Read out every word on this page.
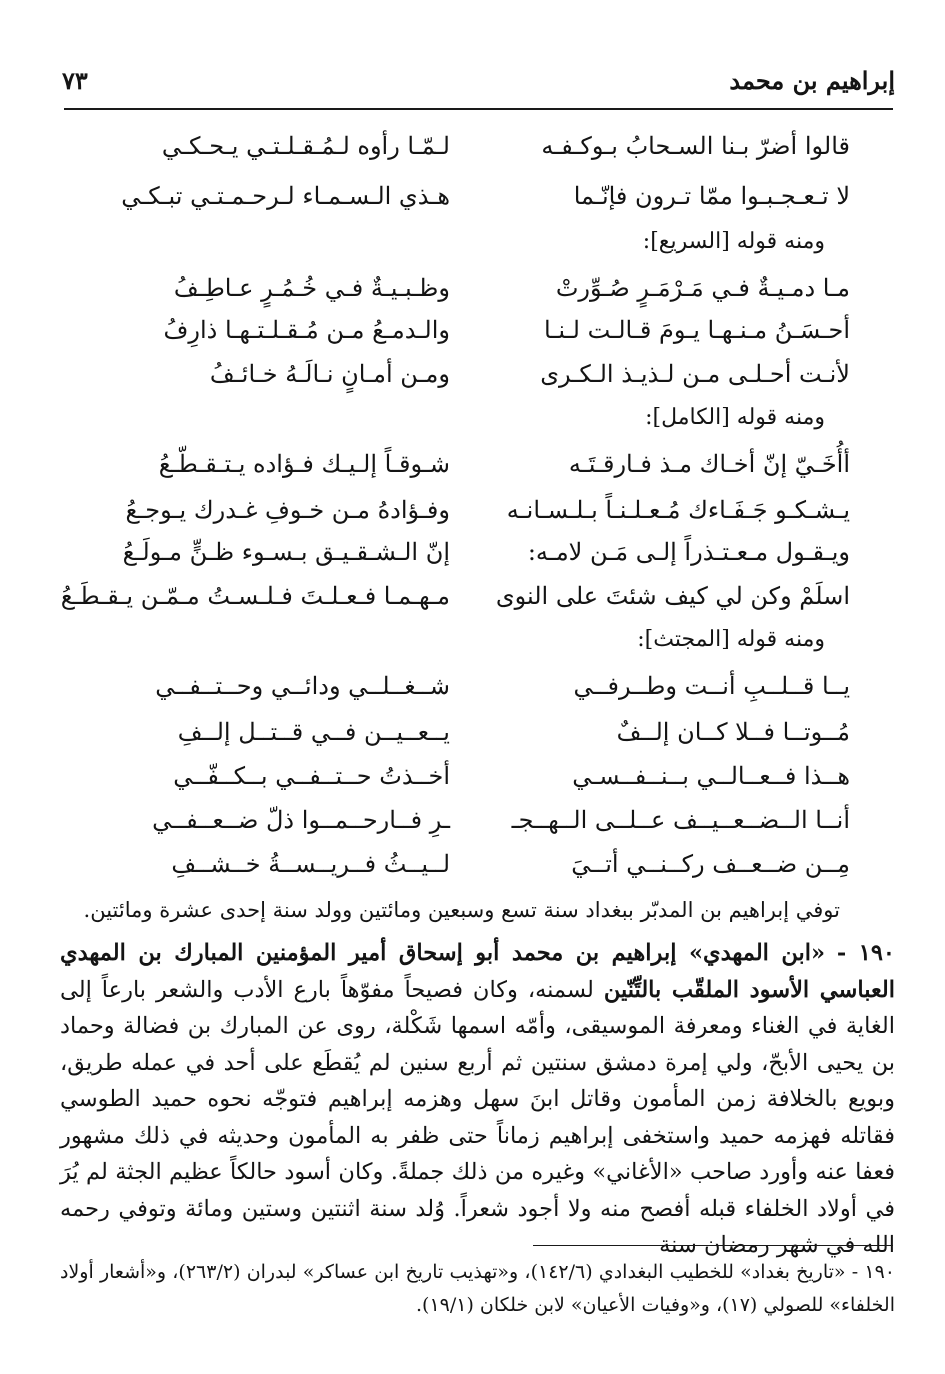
إبراهيم بن محمد
٧٣
قالوا أضرّ بـنا السـحابُ بـوكـفـه
لـمّـا رأوه لـمُـقـلـتـي يـحـكـي
لا تـعـجـبـوا ممّا تـرون فإنّـما
هـذي الـسـمـاء لـرحـمـتـي تبـكـي
ومنه قوله [السريع]:
مـا دمـيـةٌ فـي مَـرْمَـرٍ صُـوِّرتْ
وظـبـيـةٌ فـي خُـمُـرٍ عـاطِـفُ
أحـسَـنُ مـنـهـا يـومَ قـالـت لـنـا
والـدمـعُ مـن مُـقـلـتـهـا ذارِفُ
لأنـت أحـلـى مـن لـذيـذ الـكـرى
ومـن أمـانٍ نـالَـهُ خـائـفُ
ومنه قوله [الكامل]:
أأُخَـيّ إنّ أخـاك مـذ فـارقـتَـه
شـوقـاً إلـيـك فـؤاده يـتـقـطّـعُ
يـشـكـو جَـفَـاءك مُـعـلـنـاً بـلـسـانـه
وفـؤادهُ مـن خـوفِ غـدرك يـوجـعُ
ويـقـول مـعـتـذراً إلـى مَـن لامـه:
إنّ الـشـقـيـق بـسـوء ظـنٍّ مـولَـعُ
اسلَمْ وكن لي كيف شئتَ على النوى
مـهـمـا فـعـلـتَ فـلـسـتُ مـمّـن يـقـطَـعُ
ومنه قوله [المجتث]:
يــا قــلــبِ أنــت وطــرفــي
شــغــلــي ودائــي وحــتــفــي
مُــوتــا فــلا كــان إلــفٌ
يــعــيــن فــي قــتــل إلــفِ
هــذا فــعــالــي بــنــفــسـي
أخــذتُ حــتــفــي بــكــفّــي
أنــا الــضــعــيــف عــلــى الــهــجـ
ـرِ فــارحــمــوا ذلّ ضــعــفــي
مِــن ضــعــف ركــنــي أتــيَ
لــيــثُ فــريــســةُ خــشــفِ
توفي إبراهيم بن المدبّر ببغداد سنة تسع وسبعين ومائتين وولد سنة إحدى عشرة ومائتين.
١٩٠ - «ابن المهدي» إبراهيم بن محمد أبو إسحاق أمير المؤمنين المبارك بن المهدي العباسي الأسود الملقّب بالتِّنّين لسمنه، وكان فصيحاً مفوّهاً بارع الأدب والشعر بارعاً إلى الغاية في الغناء ومعرفة الموسيقى، وأمّه اسمها شَكْلة، روى عن المبارك بن فضالة وحماد بن يحيى الأبحّ، ولي إمرة دمشق سنتين ثم أربع سنين لم يُقطَع على أحد في عمله طريق، وبويع بالخلافة زمن المأمون وقاتل ابنَ سهل وهزمه إبراهيم فتوجّه نحوه حميد الطوسي فقاتله فهزمه حميد واستخفى إبراهيم زماناً حتى ظفر به المأمون وحديثه في ذلك مشهور فعفا عنه وأورد صاحب «الأغاني» وغيره من ذلك جملةً. وكان أسود حالكاً عظيم الجثة لم يُرَ في أولاد الخلفاء قبله أفصح منه ولا أجود شعراً. وُلد سنة اثنتين وستين ومائة وتوفي رحمه الله في شهر رمضان سنة
١٩٠ - «تاريخ بغداد» للخطيب البغدادي (١٤٢/٦)، و«تهذيب تاريخ ابن عساكر» لبدران (٢٦٣/٢)، و«أشعار أولاد الخلفاء» للصولي (١٧)، و«وفيات الأعيان» لابن خلكان (١٩/١).
